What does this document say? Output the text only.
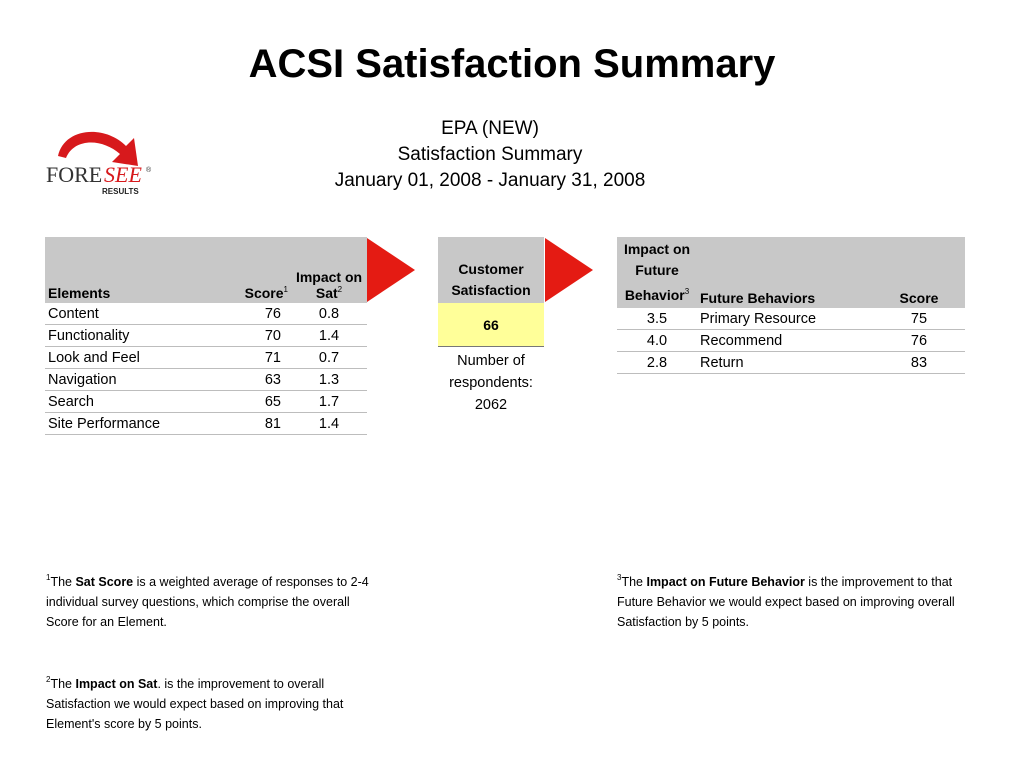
ACSI Satisfaction Summary
FORE SEE ®
RESULTS
EPA (NEW)
Satisfaction Summary
January 01, 2008 - January 31, 2008
Elements	Score$^1$	Impact on
Sat$^2$
Content	76	0.8
Functionality	70	1.4
Look and Feel	71	0.7
Navigation	63	1.3
Search	65	1.7
Site Performance	81	1.4
Customer
Satisfaction
66
Number of
respondents:
2062
Impact on
Future
Behavior$^3$	Future Behaviors	Score
3.5	Primary Resource	75
4.0	Recommend	76
2.8	Return	83
$^1$The Sat Score is a weighted average of responses to 2-4 individual survey questions, which comprise the overall Score for an Element.
$^2$The Impact on Sat. is the improvement to overall Satisfaction we would expect based on improving that Element's score by 5 points.
$^3$The Impact on Future Behavior is the improvement to that Future Behavior we would expect based on improving overall Satisfaction by 5 points.
